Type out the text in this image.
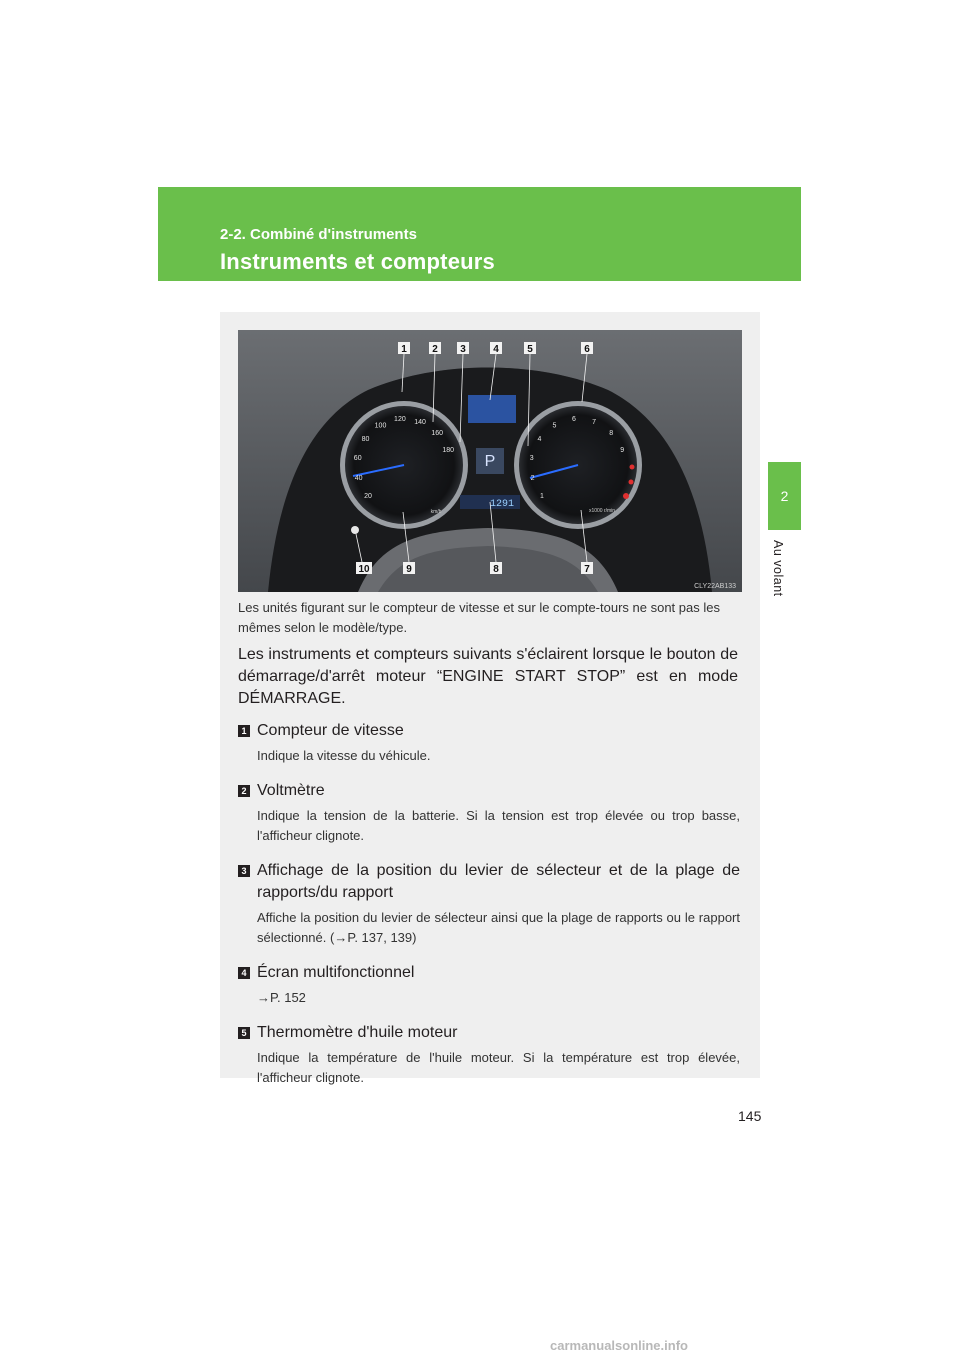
2-2. Combiné d'instruments
Instruments et compteurs
2
Au volant
20
40
60
80
100
120 140
160
180
1
2
3
4
5
6 7
8
9
P
1291
x1000 r/min
km/h
CLY22AB133
1	2 3	4	5	6
7
8
9
10
Les unités figurant sur le compteur de vitesse et sur le compte-tours ne sont pas les mêmes selon le modèle/type.
Les instruments et compteurs suivants s'éclairent lorsque le bouton de démarrage/d'arrêt moteur “ENGINE START STOP” est en mode DÉMARRAGE.
1 Compteur de vitesse
Indique la vitesse du véhicule.
2 Voltmètre
Indique la tension de la batterie. Si la tension est trop élevée ou trop basse, l'afficheur clignote.
3 Affichage de la position du levier de sélecteur et de la plage de rapports/du rapport
Affiche la position du levier de sélecteur ainsi que la plage de rapports ou le rapport sélectionné. (→P. 137, 139)
4 Écran multifonctionnel
→P. 152
5 Thermomètre d'huile moteur
Indique la température de l'huile moteur. Si la température est trop élevée, l'afficheur clignote.
145
carmanualsonline.info
